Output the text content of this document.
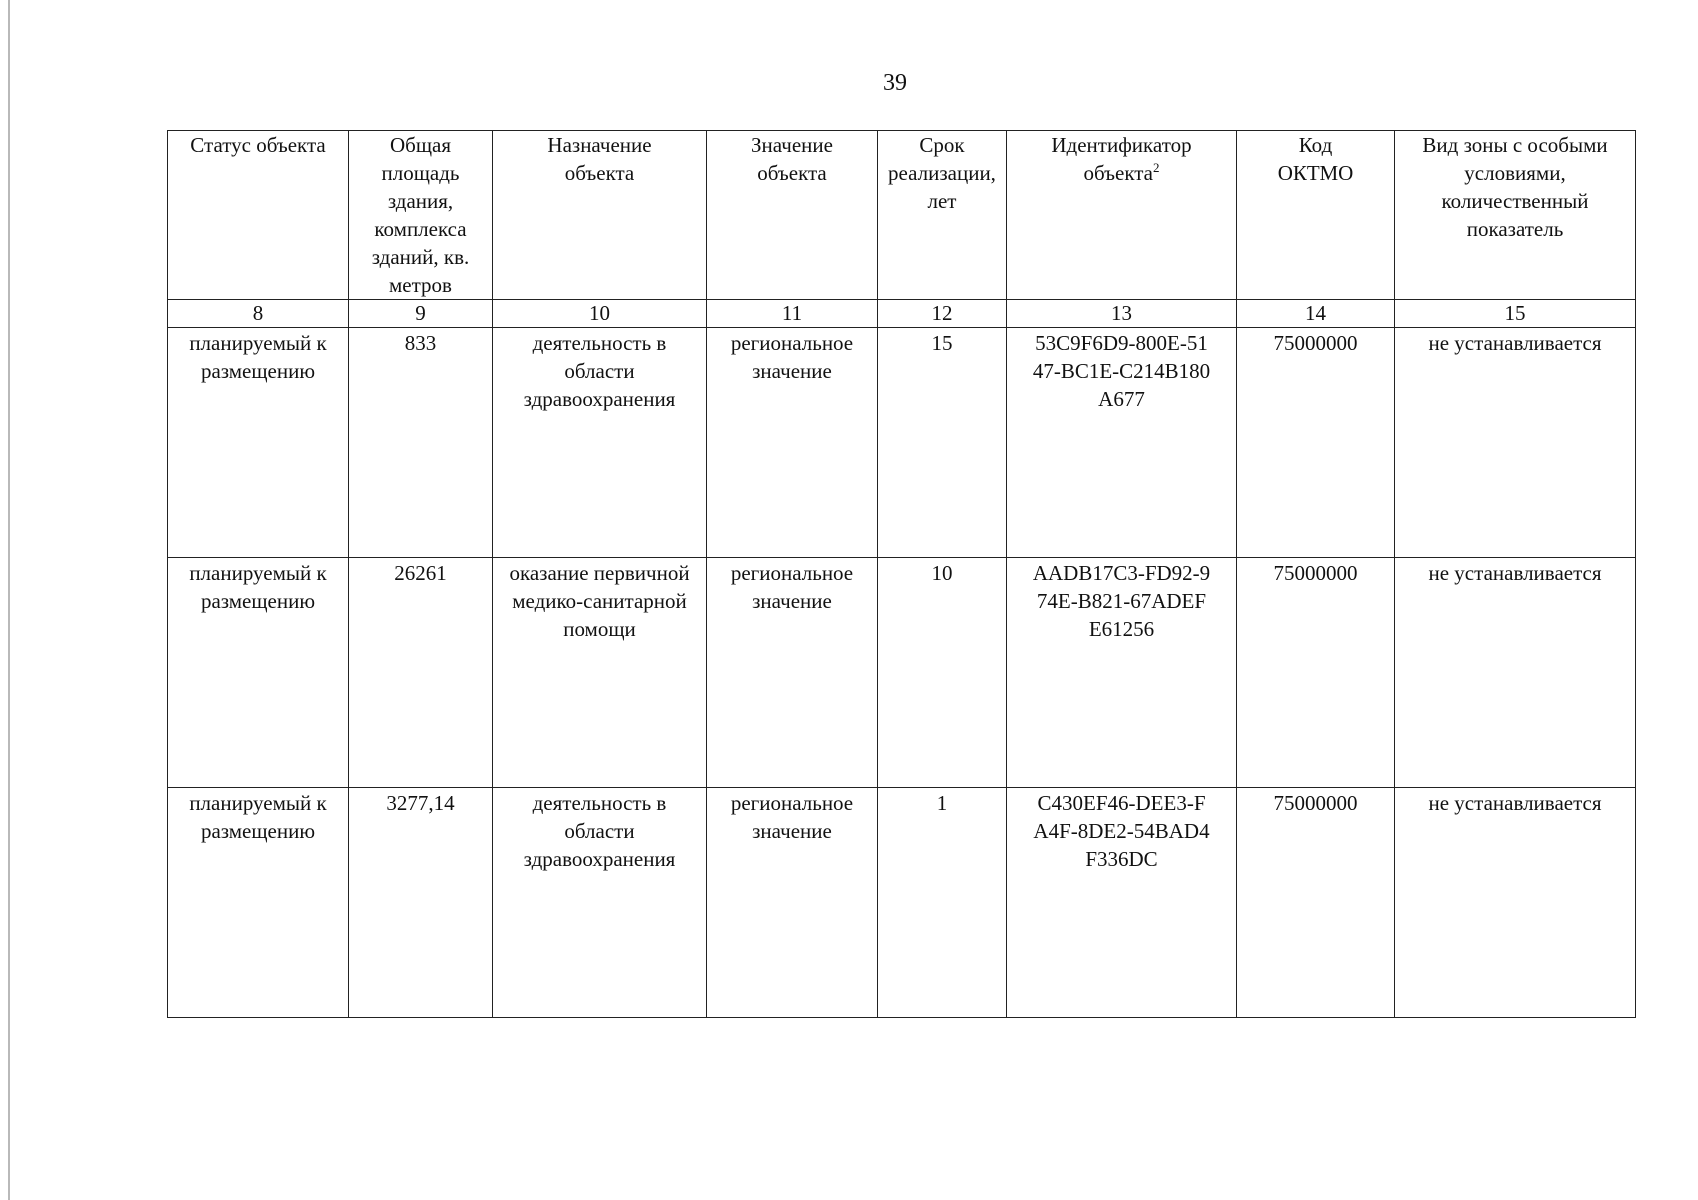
39
Статус объекта	Общая площадь здания, комплекса зданий, кв. метров	Назначение объекта	Значение объекта	Срок реализации, лет	Идентификатор объекта$^2$	Код ОКТМО	Вид зоны с особыми условиями, количественный показатель
8	9	10	11	12	13	14	15
планируемый к размещению	833	деятельность в области здравоохранения	региональное значение	15	53C9F6D9-800E-5147-BC1E-C214B180A677	75000000	не устанавливается
планируемый к размещению	26261	оказание первичной медико-санитарной помощи	региональное значение	10	AADB17C3-FD92-974E-B821-67ADEFE61256	75000000	не устанавливается
планируемый к размещению	3277,14	деятельность в области здравоохранения	региональное значение	1	C430EF46-DEE3-FA4F-8DE2-54BAD4F336DC	75000000	не устанавливается
